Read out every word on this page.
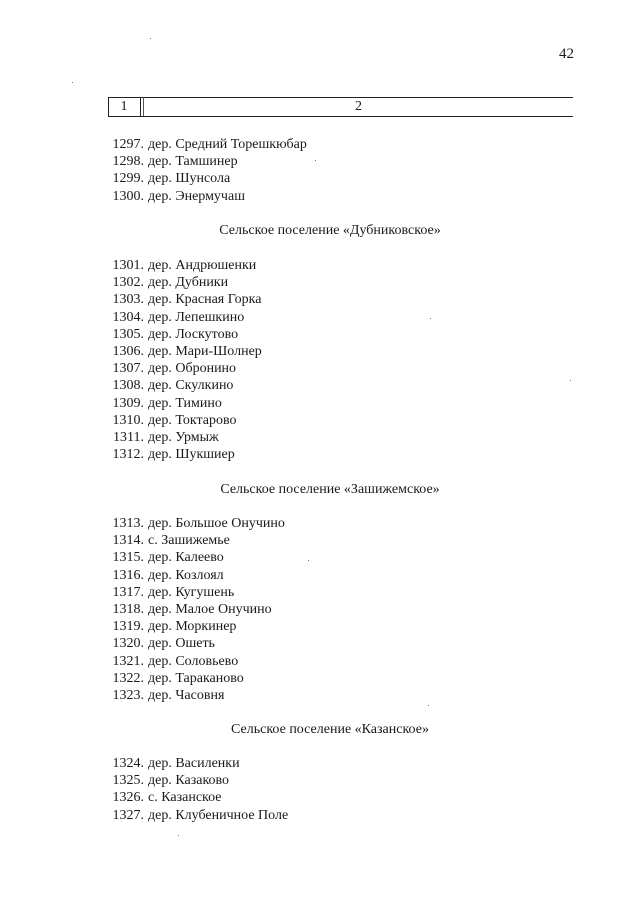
42
1	2
1297. дер. Средний Торешкюбар
1298. дер. Тамшинер
1299. дер. Шунсола
1300. дер. Энермучаш
Сельское поселение «Дубниковское»
1301. дер. Андрюшенки
1302. дер. Дубники
1303. дер. Красная Горка
1304. дер. Лепешкино
1305. дер. Лоскутово
1306. дер. Мари-Шолнер
1307. дер. Обронино
1308. дер. Скулкино
1309. дер. Тимино
1310. дер. Токтарово
1311. дер. Урмыж
1312. дер. Шукшиер
Сельское поселение «Зашижемское»
1313. дер. Большое Онучино
1314. с. Зашижемье
1315. дер. Калеево
1316. дер. Козлоял
1317. дер. Кугушень
1318. дер. Малое Онучино
1319. дер. Моркинер
1320. дер. Ошеть
1321. дер. Соловьево
1322. дер. Тараканово
1323. дер. Часовня
Сельское поселение «Казанское»
1324. дер. Василенки
1325. дер. Казаково
1326. с. Казанское
1327. дер. Клубеничное Поле
